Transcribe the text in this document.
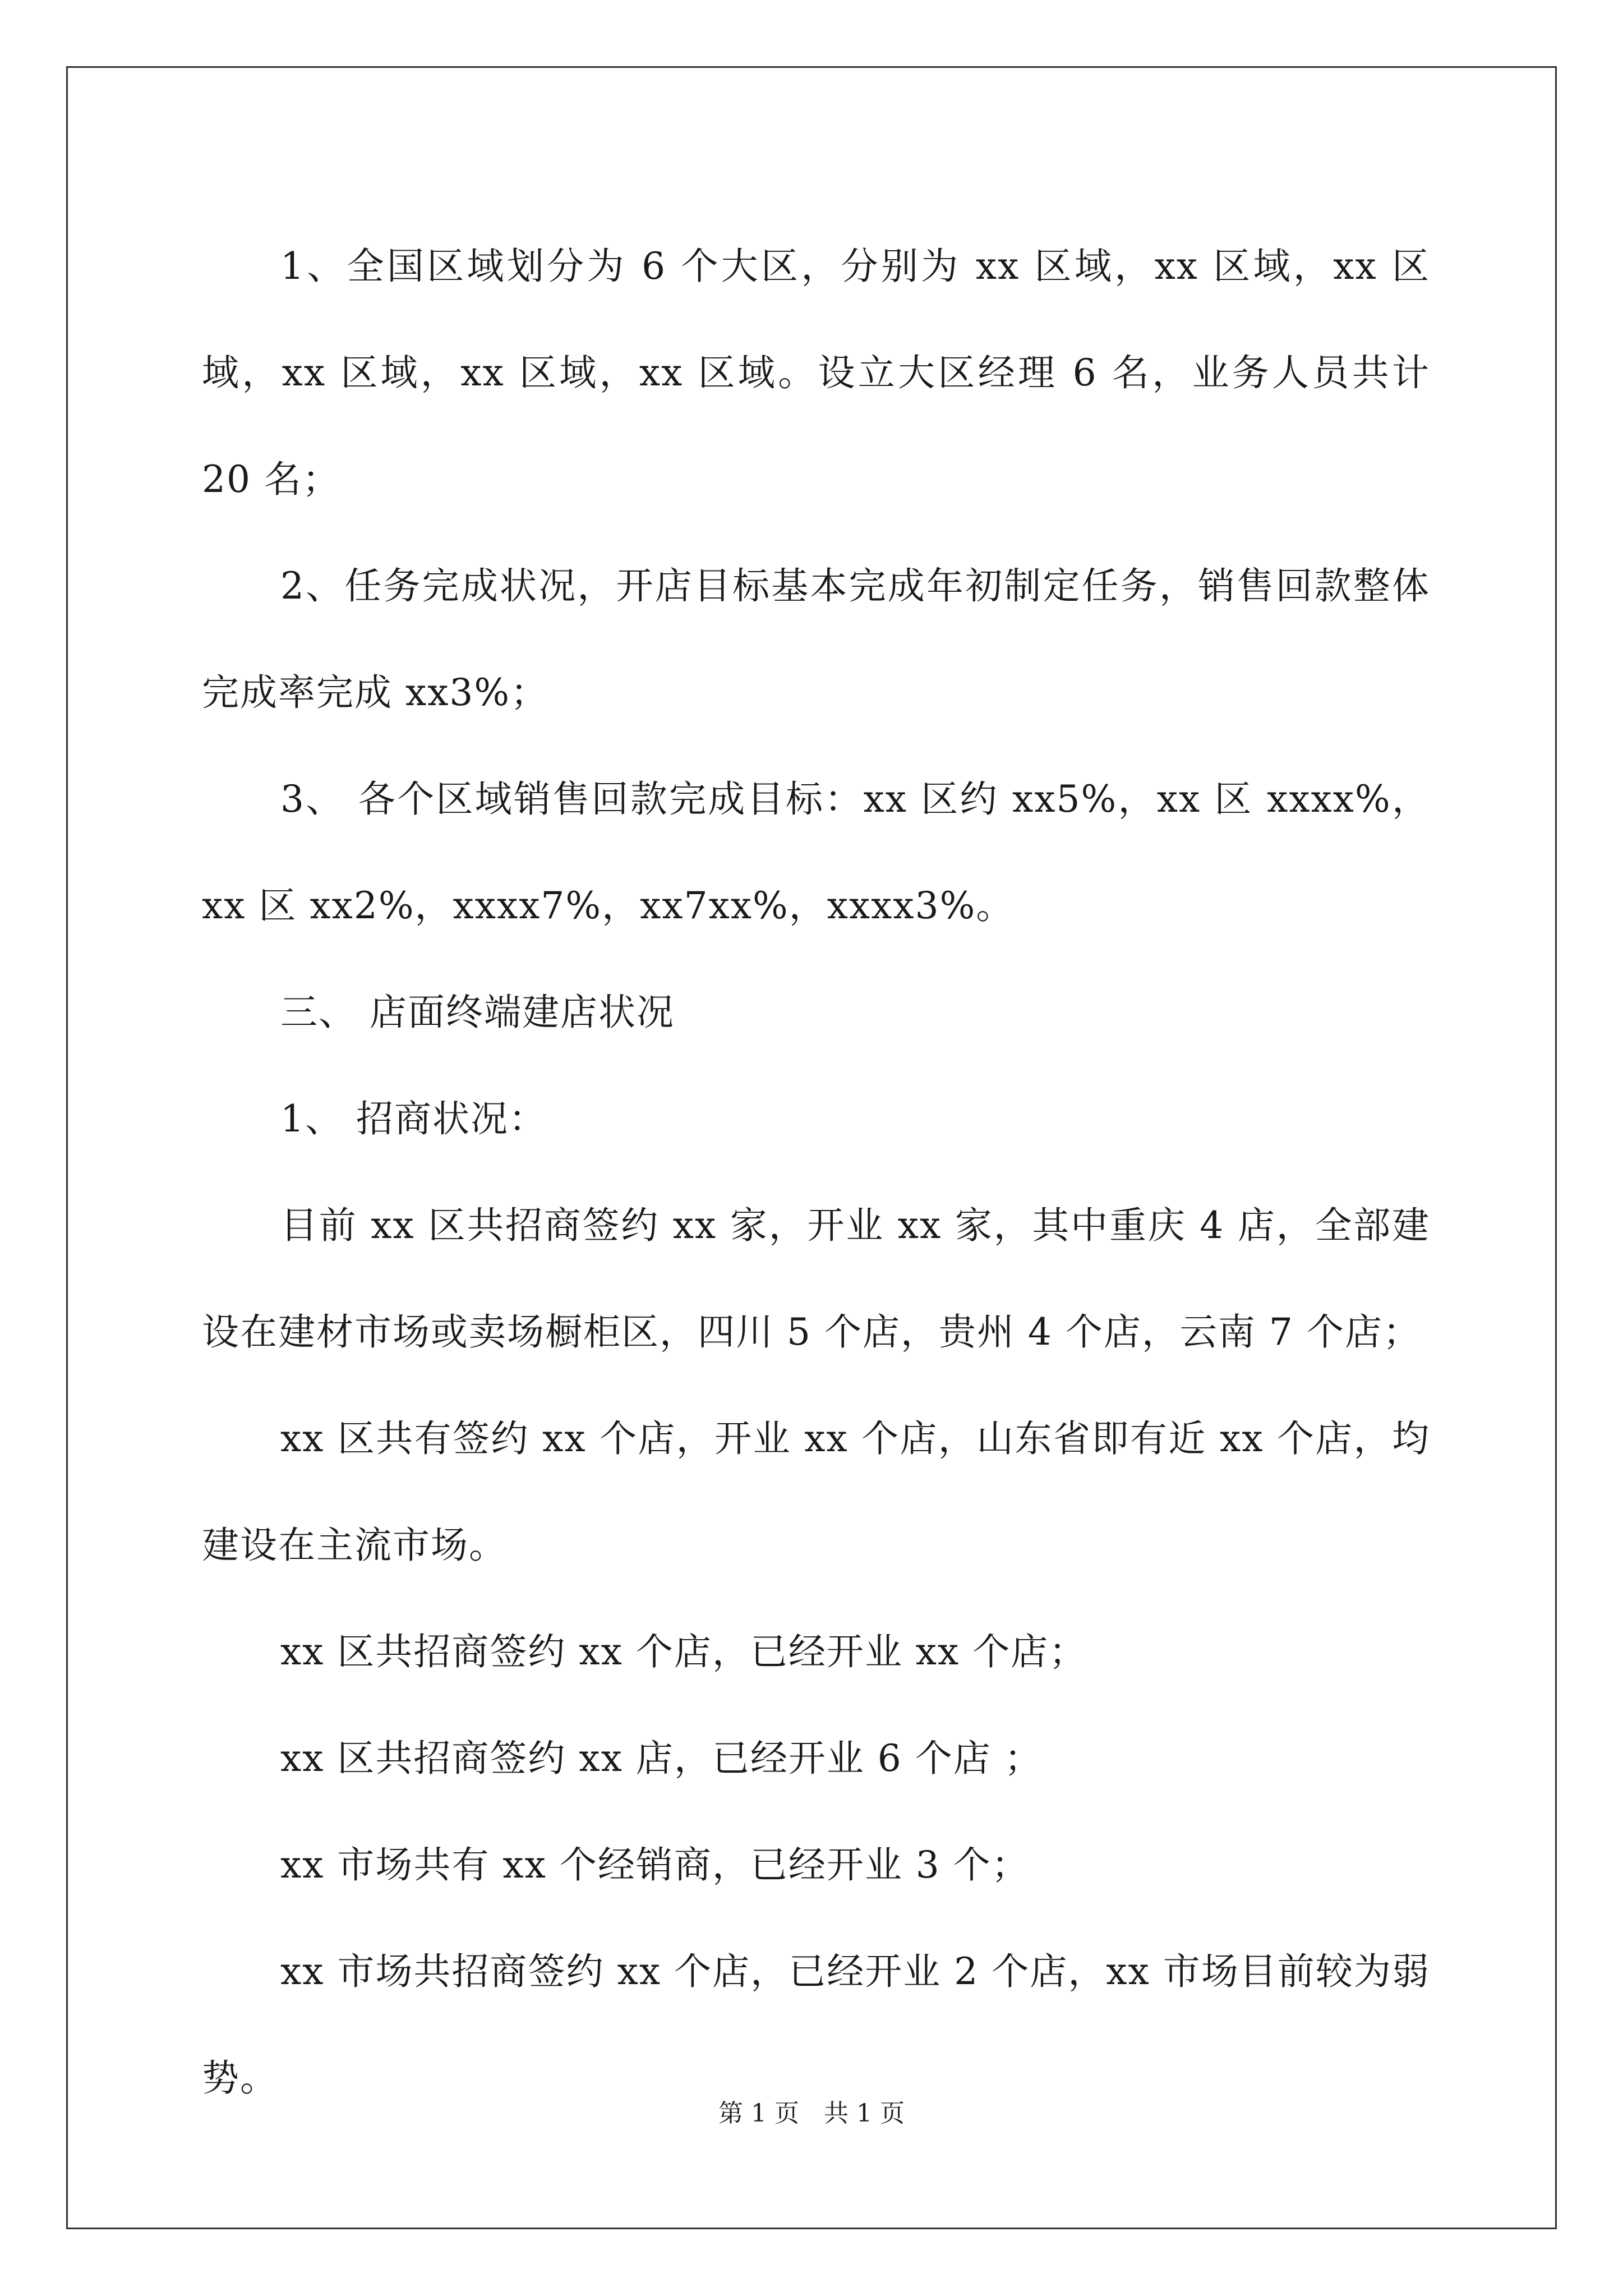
1、全国区域划分为 6 个大区，分别为 xx 区域，xx 区域，xx 区域，xx 区域，xx 区域，xx 区域。设立大区经理 6 名，业务人员共计 20 名；

2、任务完成状况，开店目标基本完成年初制定任务，销售回款整体完成率完成 xx3%；

3、 各个区域销售回款完成目标：xx 区约 xx5%，xx 区 xxxx%，xx 区 xx2%，xxxx7%，xx7xx%，xxxx3%。

三、 店面终端建店状况

1、 招商状况：

目前 xx 区共招商签约 xx 家，开业 xx 家，其中重庆 4 店，全部建设在建材市场或卖场橱柜区，四川 5 个店，贵州 4 个店，云南 7 个店；

xx 区共有签约 xx 个店，开业 xx 个店，山东省即有近 xx 个店，均建设在主流市场。

xx 区共招商签约 xx 个店，已经开业 xx 个店；

xx 区共招商签约 xx 店，已经开业 6 个店 ；

xx 市场共有 xx 个经销商，已经开业 3 个；

xx 市场共招商签约 xx 个店，已经开业 2 个店，xx 市场目前较为弱势。

第 1 页　共 1 页
